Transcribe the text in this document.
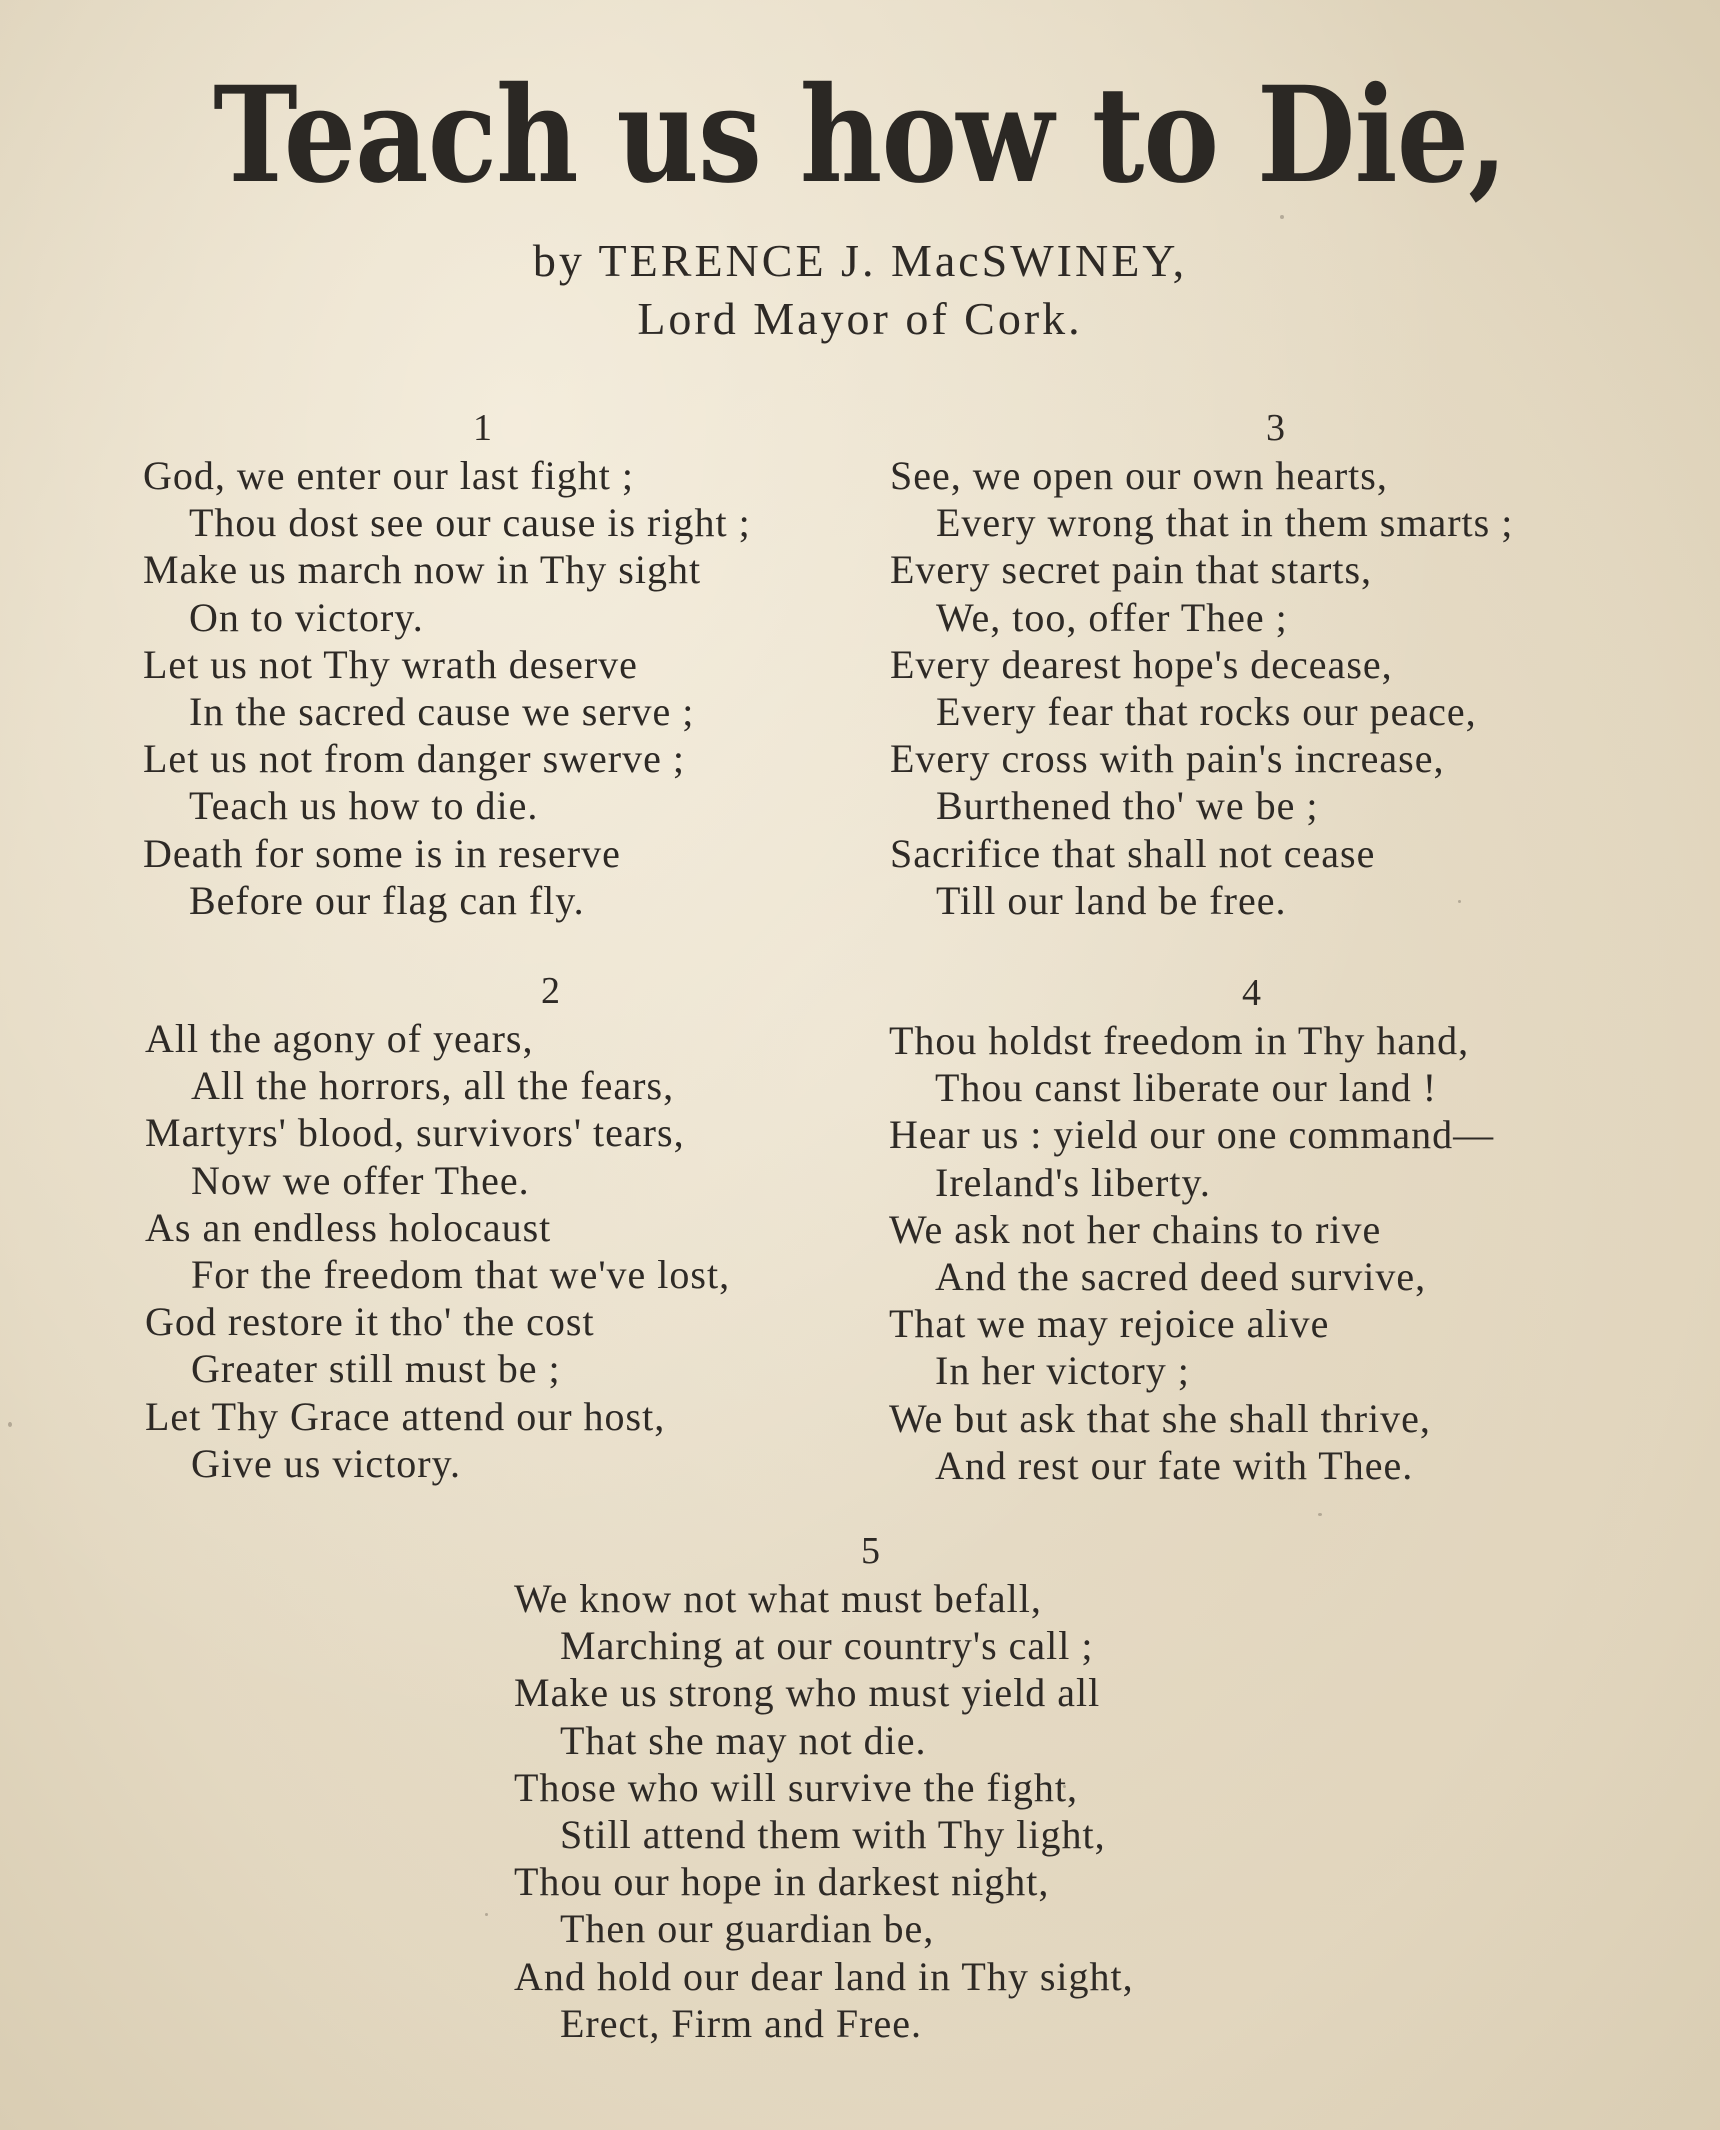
Teach us how to Die,
by TERENCE J. MacSWINEY,
Lord Mayor of Cork.
1
God, we enter our last fight ;
Thou dost see our cause is right ;
Make us march now in Thy sight
On to victory.
Let us not Thy wrath deserve
In the sacred cause we serve ;
Let us not from danger swerve ;
Teach us how to die.
Death for some is in reserve
Before our flag can fly.
3
See, we open our own hearts,
Every wrong that in them smarts ;
Every secret pain that starts,
We, too, offer Thee ;
Every dearest hope's decease,
Every fear that rocks our peace,
Every cross with pain's increase,
Burthened tho' we be ;
Sacrifice that shall not cease
Till our land be free.
2
All the agony of years,
All the horrors, all the fears,
Martyrs' blood, survivors' tears,
Now we offer Thee.
As an endless holocaust
For the freedom that we've lost,
God restore it tho' the cost
Greater still must be ;
Let Thy Grace attend our host,
Give us victory.
4
Thou holdst freedom in Thy hand,
Thou canst liberate our land !
Hear us : yield our one command—
Ireland's liberty.
We ask not her chains to rive
And the sacred deed survive,
That we may rejoice alive
In her victory ;
We but ask that she shall thrive,
And rest our fate with Thee.
5
We know not what must befall,
Marching at our country's call ;
Make us strong who must yield all
That she may not die.
Those who will survive the fight,
Still attend them with Thy light,
Thou our hope in darkest night,
Then our guardian be,
And hold our dear land in Thy sight,
Erect, Firm and Free.
